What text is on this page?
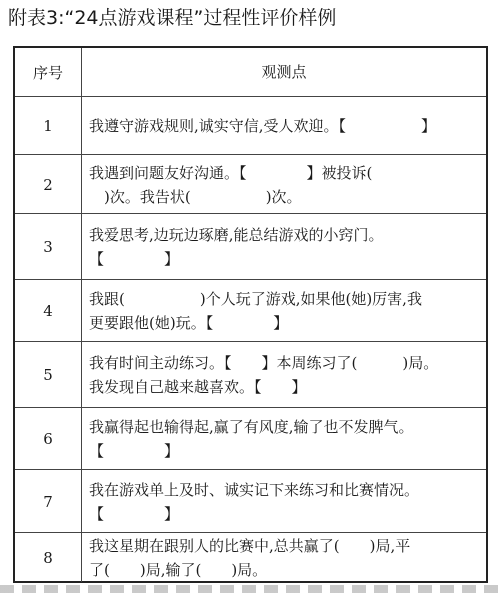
附表3:“24点游戏课程”过程性评价样例
序号	观测点
1	我遵守游戏规则,诚实守信,受人欢迎。【　　　　　】
2
我遇到问题友好沟通。【　　　　】被投诉(
　)次。我告状(　　　　　)次。
3
我爱思考,边玩边琢磨,能总结游戏的小窍门。
【　　　　】
4
我跟(　　　　　)个人玩了游戏,如果他(她)厉害,我
更要跟他(她)玩。【　　　　】
5
我有时间主动练习。【　　】本周练习了(　　　)局。
我发现自己越来越喜欢。【　　】
6
我赢得起也输得起,赢了有风度,输了也不发脾气。
【　　　　】
7
我在游戏单上及时、诚实记下来练习和比赛情况。
【　　　　】
8
我这星期在跟别人的比赛中,总共赢了(　　)局,平
了(　　)局,输了(　　)局。
